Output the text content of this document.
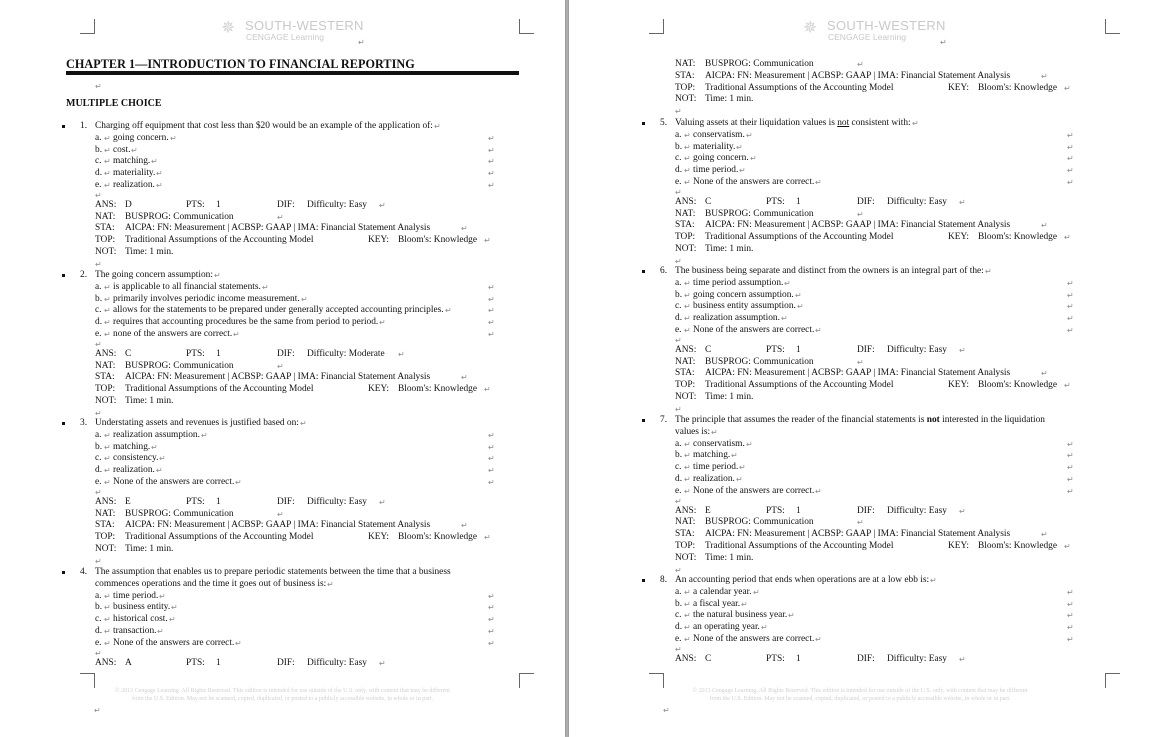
✵ SOUTH-WESTERN
CENGAGE Learning
↵
© 2013 Cengage Learning. All Rights Reserved. This edition is intended for use outside of the U.S. only, with content that may be different
from the U.S. Edition. May not be scanned, copied, duplicated, or posted to a publicly accessible website, in whole or in part.
↵
CHAPTER 1—INTRODUCTION TO FINANCIAL REPORTING
↵
MULTIPLE CHOICE
1. Charging off equipment that cost less than $20 would be an example of the application of: ↵
a. ↵ going concern. ↵	↵
b. ↵ cost. ↵	↵
c. ↵ matching. ↵	↵
d. ↵ materiality. ↵	↵
e. ↵ realization. ↵	↵
↵
ANS: D	PTS: 1	DIF: Difficulty: Easy ↵
NAT: BUSPROG: Communication	↵
STA: AICPA: FN: Measurement | ACBSP: GAAP | IMA: Financial Statement Analysis	↵
TOP: Traditional Assumptions of the Accounting Model	KEY: Bloom's: Knowledge ↵
NOT: Time: 1 min.
↵
2. The going concern assumption: ↵
a. ↵ is applicable to all financial statements. ↵	↵
b. ↵ primarily involves periodic income measurement. ↵	↵
c. ↵ allows for the statements to be prepared under generally accepted accounting principles. ↵	↵
d. ↵ requires that accounting procedures be the same from period to period. ↵	↵
e. ↵ none of the answers are correct. ↵	↵
↵
ANS: C	PTS: 1	DIF: Difficulty: Moderate ↵
NAT: BUSPROG: Communication	↵
STA: AICPA: FN: Measurement | ACBSP: GAAP | IMA: Financial Statement Analysis	↵
TOP: Traditional Assumptions of the Accounting Model	KEY: Bloom's: Knowledge ↵
NOT: Time: 1 min.
↵
3. Understating assets and revenues is justified based on: ↵
a. ↵ realization assumption. ↵	↵
b. ↵ matching. ↵	↵
c. ↵ consistency. ↵	↵
d. ↵ realization. ↵	↵
e. ↵ None of the answers are correct. ↵	↵
↵
ANS: E	PTS: 1	DIF: Difficulty: Easy ↵
NAT: BUSPROG: Communication	↵
STA: AICPA: FN: Measurement | ACBSP: GAAP | IMA: Financial Statement Analysis	↵
TOP: Traditional Assumptions of the Accounting Model	KEY: Bloom's: Knowledge ↵
NOT: Time: 1 min.
↵
4. The assumption that enables us to prepare periodic statements between the time that a business
commences operations and the time it goes out of business is: ↵
a. ↵ time period. ↵	↵
b. ↵ business entity. ↵	↵
c. ↵ historical cost. ↵	↵
d. ↵ transaction. ↵	↵
e. ↵ None of the answers are correct. ↵	↵
↵
ANS: A	PTS: 1	DIF: Difficulty: Easy ↵
✵ SOUTH-WESTERN
CENGAGE Learning
↵
© 2013 Cengage Learning. All Rights Reserved. This edition is intended for use outside of the U.S. only, with content that may be different
from the U.S. Edition. May not be scanned, copied, duplicated, or posted to a publicly accessible website, in whole or in part.
↵
NAT: BUSPROG: Communication	↵
STA: AICPA: FN: Measurement | ACBSP: GAAP | IMA: Financial Statement Analysis	↵
TOP: Traditional Assumptions of the Accounting Model	KEY: Bloom's: Knowledge ↵
NOT: Time: 1 min.
↵
5. Valuing assets at their liquidation values is not consistent with: ↵
a. ↵ conservatism. ↵	↵
b. ↵ materiality. ↵	↵
c. ↵ going concern. ↵	↵
d. ↵ time period. ↵	↵
e. ↵ None of the answers are correct. ↵	↵
↵
ANS: C	PTS: 1	DIF: Difficulty: Easy ↵
NAT: BUSPROG: Communication	↵
STA: AICPA: FN: Measurement | ACBSP: GAAP | IMA: Financial Statement Analysis	↵
TOP: Traditional Assumptions of the Accounting Model	KEY: Bloom's: Knowledge ↵
NOT: Time: 1 min.
↵
6. The business being separate and distinct from the owners is an integral part of the: ↵
a. ↵ time period assumption. ↵	↵
b. ↵ going concern assumption. ↵	↵
c. ↵ business entity assumption. ↵	↵
d. ↵ realization assumption. ↵	↵
e. ↵ None of the answers are correct. ↵	↵
↵
ANS: C	PTS: 1	DIF: Difficulty: Easy ↵
NAT: BUSPROG: Communication	↵
STA: AICPA: FN: Measurement | ACBSP: GAAP | IMA: Financial Statement Analysis	↵
TOP: Traditional Assumptions of the Accounting Model	KEY: Bloom's: Knowledge ↵
NOT: Time: 1 min.
↵
7. The principle that assumes the reader of the financial statements is not interested in the liquidation
values is: ↵
a. ↵ conservatism. ↵	↵
b. ↵ matching. ↵	↵
c. ↵ time period. ↵	↵
d. ↵ realization. ↵	↵
e. ↵ None of the answers are correct. ↵	↵
↵
ANS: E	PTS: 1	DIF: Difficulty: Easy ↵
NAT: BUSPROG: Communication	↵
STA: AICPA: FN: Measurement | ACBSP: GAAP | IMA: Financial Statement Analysis	↵
TOP: Traditional Assumptions of the Accounting Model	KEY: Bloom's: Knowledge ↵
NOT: Time: 1 min.
↵
8. An accounting period that ends when operations are at a low ebb is: ↵
a. ↵ a calendar year. ↵	↵
b. ↵ a fiscal year. ↵	↵
c. ↵ the natural business year. ↵	↵
d. ↵ an operating year. ↵	↵
e. ↵ None of the answers are correct. ↵	↵
↵
ANS: C	PTS: 1	DIF: Difficulty: Easy ↵
